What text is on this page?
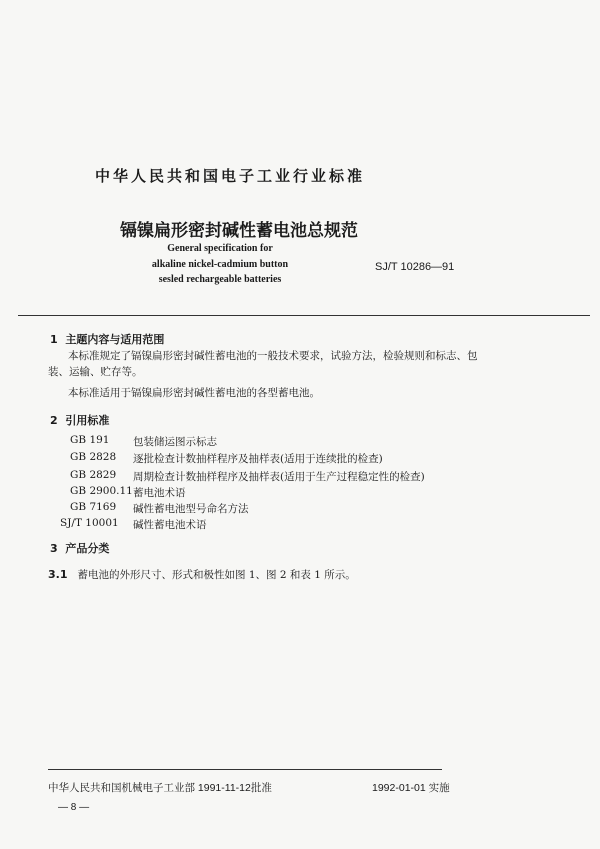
中华人民共和国电子工业行业标准
镉镍扁形密封碱性蓄电池总规范
General specification for
alkaline nickel-cadmium button
sesled rechargeable batteries
SJ/T 10286—91
1 主题内容与适用范围
本标准规定了镉镍扁形密封碱性蓄电池的一般技术要求，试验方法，检验规则和标志、包
装、运输、贮存等。
本标准适用于镉镍扁形密封碱性蓄电池的各型蓄电池。
2 引用标准
GB 191 包装储运图示标志
GB 2828 逐批检查计数抽样程序及抽样表(适用于连续批的检查)
GB 2829 周期检查计数抽样程序及抽样表(适用于生产过程稳定性的检查)
GB 2900.11 蓄电池术语
GB 7169 碱性蓄电池型号命名方法
SJ/T 10001 碱性蓄电池术语
3 产品分类
3.1 蓄电池的外形尺寸、形式和极性如图 1、图 2 和表 1 所示。
中华人民共和国机械电子工业部 1991-11-12批准	1992-01-01 实施
— 8 —
